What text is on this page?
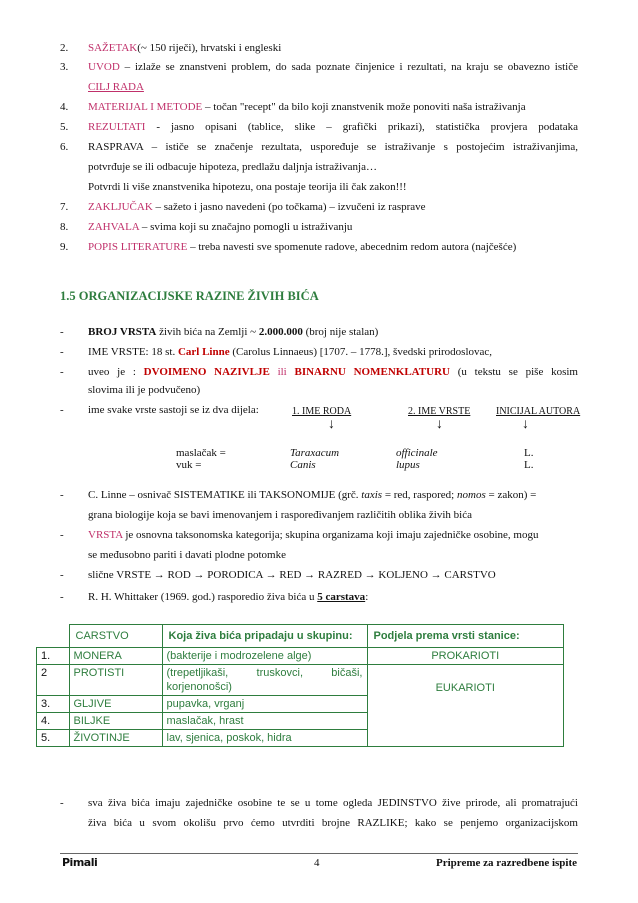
2. SAŽETAK(~ 150 riječi), hrvatski i engleski
3. UVOD – izlaže se znanstveni problem, do sada poznate činjenice i rezultati, na kraju se obavezno ističe
CILJ RADA
4. MATERIJAL I METODE – točan "recept" da bilo koji znanstvenik može ponoviti naša istraživanja
5. REZULTATI - jasno opisani (tablice, slike – grafički prikazi), statistička provjera podataka
6. RASPRAVA – ističe se značenje rezultata, uspoređuje se istraživanje s postojećim istraživanjima,
potvrđuje se ili odbacuje hipoteza, predlažu daljnja istraživanja…
Potvrdi li više znanstvenika hipotezu, ona postaje teorija ili čak zakon!!!
7. ZAKLJUČAK – sažeto i jasno navedeni (po točkama) – izvučeni iz rasprave
8. ZAHVALA – svima koji su značajno pomogli u istraživanju
9. POPIS LITERATURE – treba navesti sve spomenute radove, abecednim redom autora (najčešće)
1.5 ORGANIZACIJSKE RAZINE ŽIVIH BIĆA
- BROJ VRSTA živih bića na Zemlji ~ 2.000.000 (broj nije stalan)
- IME VRSTE: 18 st. Carl Linne (Carolus Linnaeus) [1707. – 1778.], švedski prirodoslovac,
- uveo je : DVOIMENO NAZIVLJE ili BINARNU NOMENKLATURU (u tekstu se piše kosim
slovima ili je podvučeno)
- ime svake vrste sastoji se iz dva dijela:	1. IME RODA	2. IME VRSTE	INICIJAL AUTORA
↓	↓	↓
maslačak =	Taraxacum	officinale	L.
vuk =	Canis	lupus	L.
- C. Linne – osnivač SISTEMATIKE ili TAKSONOMIJE (grč. taxis = red, raspored; nomos = zakon) =
grana biologije koja se bavi imenovanjem i raspoređivanjem različitih oblika živih bića
- VRSTA je osnovna taksonomska kategorija; skupina organizama koji imaju zajedničke osobine, mogu
se međusobno pariti i davati plodne potomke
- slične VRSTE → ROD → PORODICA → RED → RAZRED → KOLJENO → CARSTVO
- R. H. Whittaker (1969. god.) rasporedio živa bića u 5 carstava:
	CARSTVO	Koja živa bića pripadaju u skupinu:	Podjela prema vrsti stanice:
1.	MONERA	(bakterije i modrozelene alge)	PROKARIOTI
2	PROTISTI	(trepetljikaši, truskovci, bičaši, korjenonošci)	EUKARIOTI
3.	GLJIVE	pupavka, vrganj	
4.	BILJKE	maslačak, hrast	
5.	ŽIVOTINJE	lav, sjenica, poskok, hidra	
- sva živa bića imaju zajedničke osobine te se u tome ogleda JEDINSTVO žive prirode, ali promatrajući
živa bića u svom okolišu prvo ćemo utvrditi brojne RAZLIKE; kako se penjemo organizacijskom
Pimali	4	Pripreme za razredbene ispite
